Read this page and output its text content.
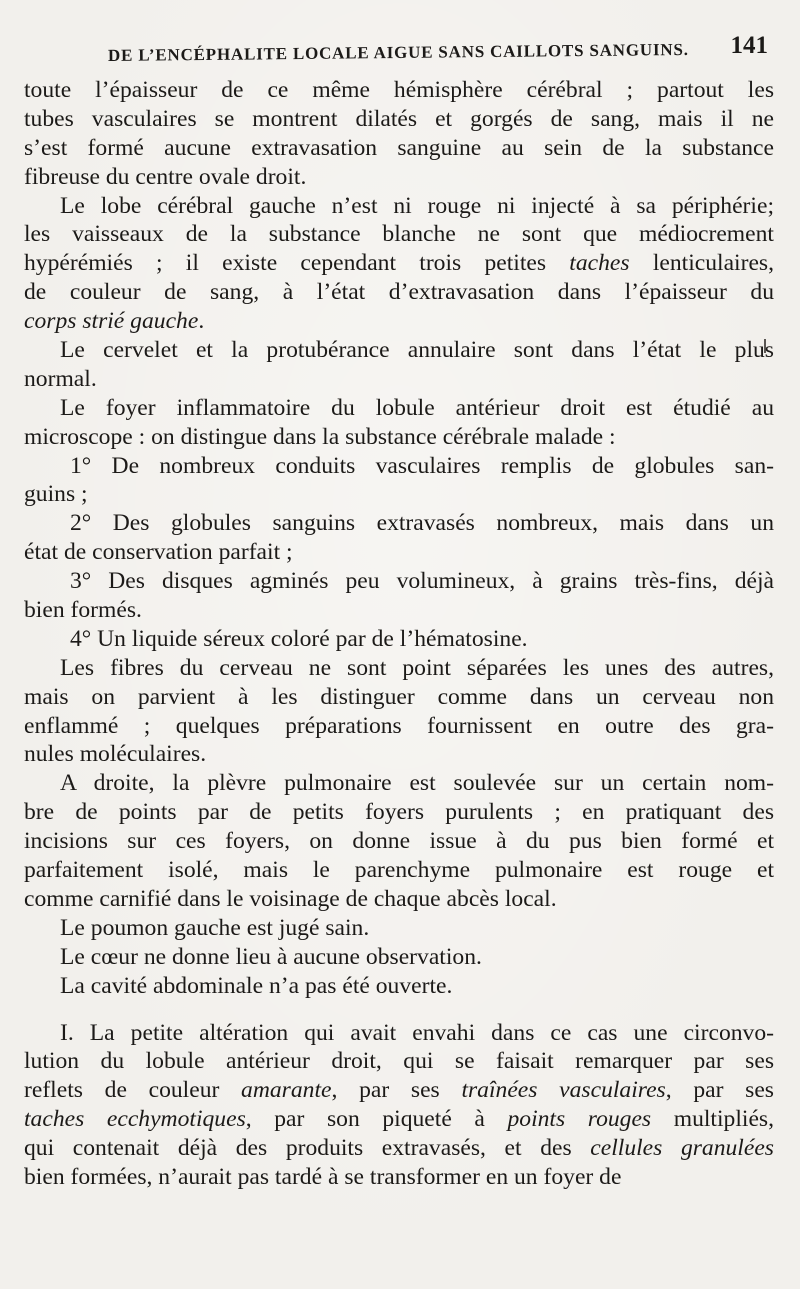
DE L’ENCÉPHALITE LOCALE AIGUE SANS CAILLOTS SANGUINS. 141
toute l’épaisseur de ce même hémisphère cérébral ; partout les
tubes vasculaires se montrent dilatés et gorgés de sang, mais il ne
s’est formé aucune extravasation sanguine au sein de la substance
fibreuse du centre ovale droit.
Le lobe cérébral gauche n’est ni rouge ni injecté à sa périphérie;
les vaisseaux de la substance blanche ne sont que médiocrement
hypérémiés ; il existe cependant trois petites taches lenticulaires,
de couleur de sang, à l’état d’extravasation dans l’épaisseur du
corps strié gauche.
Le cervelet et la protubérance annulaire sont dans l’état le plus
normal.
Le foyer inflammatoire du lobule antérieur droit est étudié au
microscope : on distingue dans la substance cérébrale malade :
1° De nombreux conduits vasculaires remplis de globules san-
guins ;
2° Des globules sanguins extravasés nombreux, mais dans un
état de conservation parfait ;
3° Des disques agminés peu volumineux, à grains très-fins, déjà
bien formés.
4° Un liquide séreux coloré par de l’hématosine.
Les fibres du cerveau ne sont point séparées les unes des autres,
mais on parvient à les distinguer comme dans un cerveau non
enflammé ; quelques préparations fournissent en outre des gra-
nules moléculaires.
A droite, la plèvre pulmonaire est soulevée sur un certain nom-
bre de points par de petits foyers purulents ; en pratiquant des
incisions sur ces foyers, on donne issue à du pus bien formé et
parfaitement isolé, mais le parenchyme pulmonaire est rouge et
comme carnifié dans le voisinage de chaque abcès local.
Le poumon gauche est jugé sain.
Le cœur ne donne lieu à aucune observation.
La cavité abdominale n’a pas été ouverte.
I. La petite altération qui avait envahi dans ce cas une circonvo-
lution du lobule antérieur droit, qui se faisait remarquer par ses
reflets de couleur amarante, par ses traînées vasculaires, par ses
taches ecchymotiques, par son piqueté à points rouges multipliés,
qui contenait déjà des produits extravasés, et des cellules granulées
bien formées, n’aurait pas tardé à se transformer en un foyer de
